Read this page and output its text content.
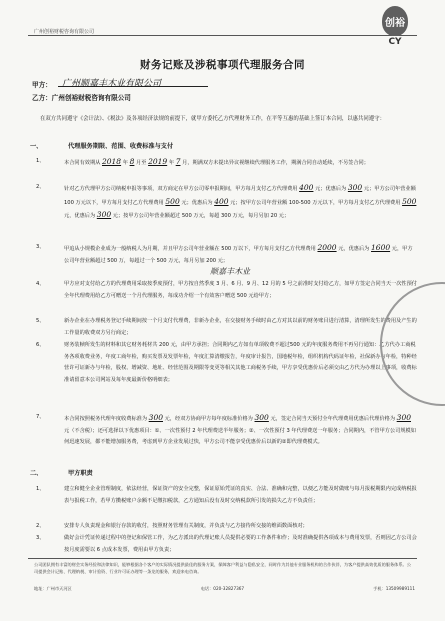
广州创裕财税咨询有限公司
创裕
CY
财务记账及涉税事项代理服务合同
甲方： 广州顺嘉丰木业有限公司
乙方：广州创裕财税咨询有限公司
在双方共同遵守《会计法》、《税法》及各项经济法规的前提下，就甲方委托乙方代理财务工作，在平等互惠的基础上签订本合同，以惠共同遵守：
一、	代理服务期限、范围、收费标准与支付
1、	本合同有效期从 2018 年 8 月至 2019 年 7 月，期满双方未提出异议视继续代理服务工作，期满合同自动延续，不另签合同；
2、	针对乙方代理甲方公司纳税申报等事项，双方商定在甲方公司零申报期间，甲方每月支付乙方代理费用 400 元；优惠后为 300 元；甲方公司年营业额 100 万元以下，甲方每月支付乙方代理费用 500 元；优惠后为 400 元；按甲方公司年营业额 100-500 万元以下，甲方每月支付乙方代理费用 500 元，优惠后为 300 元；按甲方公司年营业额超过 500 万元，每超 300 万元，每月另加 20 元；
3、	甲追从小规模企业成为一般纳税人为月期，并且甲方公司年营业额在 500 万以下，甲方每月支付乙方代理费用 2000 元，优惠后为 1600 元，甲方公司年营业额超过 500 万，每超过一个 500 万元，每月另加 200 元；
4、	甲方应对支付给乙方的代理费用采取按季度预付，甲方按自然季度 3 月、6 月、9 月、12 月的 5 号之前准时支付给乙方，如甲方签定合同当天一次性预付全年代理费用给乙方可赠送一个月代理服务，每成功介绍一个有效客户赠送 500 元给甲方；
5、	新办企业在办理税务登记手续期间按一个月支付代理费，非新办企业，在交接财务手续时由乙方对其以前的财务账目进行清算，清理所发生的费用及产生的工作量的收费双方另行商定；
6、	财务装帧所发生的材料和其它财务耗材共 200 元，由甲方承担；合同期内乙方如有单项收费不超过500 元的年度服务费用不再另行通知：乙方代办工商税务各项收费业务，年度工商年检，购买发票及发票年检，年度汇算清缴报告，年度审计报告，国地税年检，组织机构代码证年检，社保新办与年检，特种经营许可证新办与年检，股权、增减资、地址、经营范围及期限等变更等相关其他工商税务手续，甲方享受优惠价后必须交由乙方代为办理以上事项，收费标准请留意本公司网站及每年度最新价格明细表；
7、	本合同按照税务代理年度收费标准为 300 元，经双方协商甲方每年度标准价格为 300 元，签定合同当天预付全年代理费用优惠后代理价格为 300 元（不含税）；还可选择以下优惠项目：①、一次性预付 2 年代理费送半年服务；②、一次性预付 3 年代理费送一年服务；合同期内，不管甲方公司规模如何迅速发展，都不能增加服务费，考虑到甲方企业发展过快，甲方公司不能享受优惠价后以新的②即代理费模式。
二、	甲方职责
1、	建立和健全企业管理制度，依法经营，保证资产的安全完整，保证原始凭证的真实、合法、准确和完整，以便乙方能及时做账与每月报税期限内完成纳税报表与报税工作，若甲方擞税账户余额不足缴扣税款，乙方通知后没有及时交纳税款所引发的损失乙方不负责任；
2、	安排专人负责现金和银行存款的收付，按照财务管理有关制度，并负责与乙方接待所交接的维面数面核对；
3、	做好会计凭证传递过程中的登记和保管工作，为乙方派出的代理记账人员提供必要的工作条件和作；及时准确提供各项成本与费用发票，否则因乙方公司会按月度需要以 6 点成本发票，费用由甲方负责；
顺嘉丰木业
公司团队拥有丰富的财会实务经验和法律知识，能够根据各个客户的实际情况提供最佳的服务方案，保障客户利益与隐私安全，同时作为其他专业服务机构的合作伙伴，为客户提供高效优质的服务体系。公司提供会计记账、代理纳税、审计验资、行业许可证办理等一条龙的服务，欢迎来电咨询。
地址：广州市天河区	电话：020-32827367	手机：13509989111
